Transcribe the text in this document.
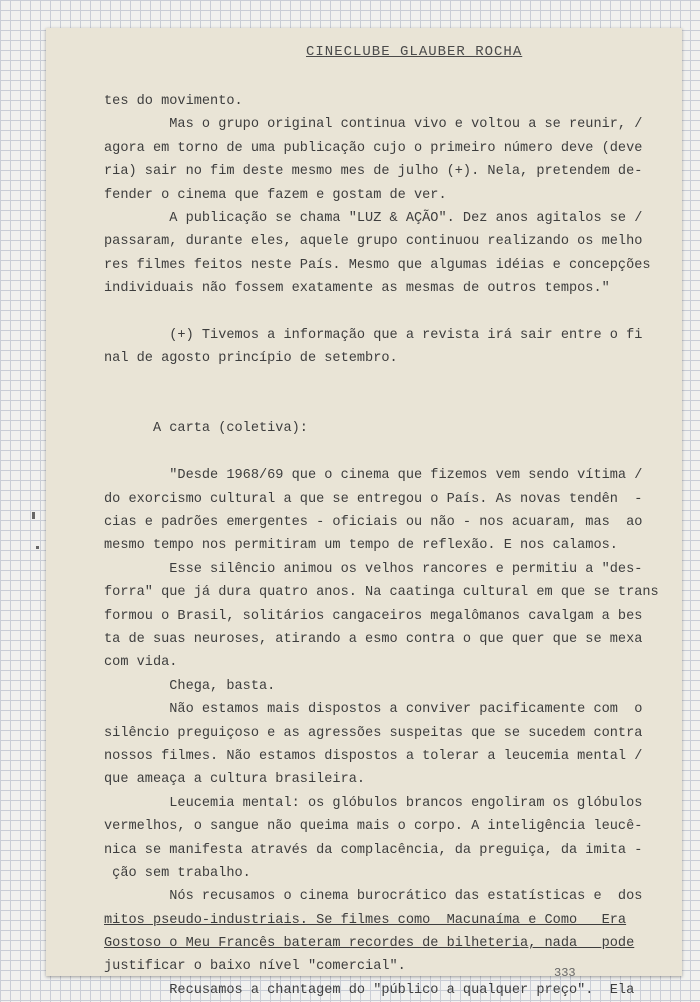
CINECLUBE GLAUBER ROCHA
tes do movimento.
Mas o grupo original continua vivo e voltou a se reunir, /
agora em torno de uma publicação cujo o primeiro número deve (deve
ria) sair no fim deste mesmo mes de julho (+). Nela, pretendem de-
fender o cinema que fazem e gostam de ver.
A publicação se chama "LUZ & AÇÃO". Dez anos agitalos se /
passaram, durante eles, aquele grupo continuou realizando os melho
res filmes feitos neste País. Mesmo que algumas idéias e concepções
individuais não fossem exatamente as mesmas de outros tempos."
(+) Tivemos a informação que a revista irá sair entre o fi
nal de agosto princípio de setembro.
A carta (coletiva):
"Desde 1968/69 que o cinema que fizemos vem sendo vítima /
do exorcismo cultural a que se entregou o País. As novas tendên  -
cias e padrões emergentes - oficiais ou não - nos acuaram, mas  ao
mesmo tempo nos permitiram um tempo de reflexão. E nos calamos.
Esse silêncio animou os velhos rancores e permitiu a "des-
forra" que já dura quatro anos. Na caatinga cultural em que se trans
formou o Brasil, solitários cangaceiros megalômanos cavalgam a bes
ta de suas neuroses, atirando a esmo contra o que quer que se mexa
com vida.
Chega, basta.
Não estamos mais dispostos a conviver pacificamente com  o
silêncio preguiçoso e as agressões suspeitas que se sucedem contra
nossos filmes. Não estamos dispostos a tolerar a leucemia mental /
que ameaça a cultura brasileira.
Leucemia mental: os glóbulos brancos engoliram os glóbulos
vermelhos, o sangue não queima mais o corpo. A inteligência leucê-
nica se manifesta através da complacência, da preguiça, da imita -
ção sem trabalho.
Nós recusamos o cinema burocrático das estatísticas e  dos
mitos pseudo-industriais. Se filmes como  Macunaíma e Como   Era
Gostoso o Meu Francês bateram recordes de bilheteria, nada   pode
justificar o baixo nível "comercial".
Recusamos a chantagem do "público a qualquer preço".  Ela
333
